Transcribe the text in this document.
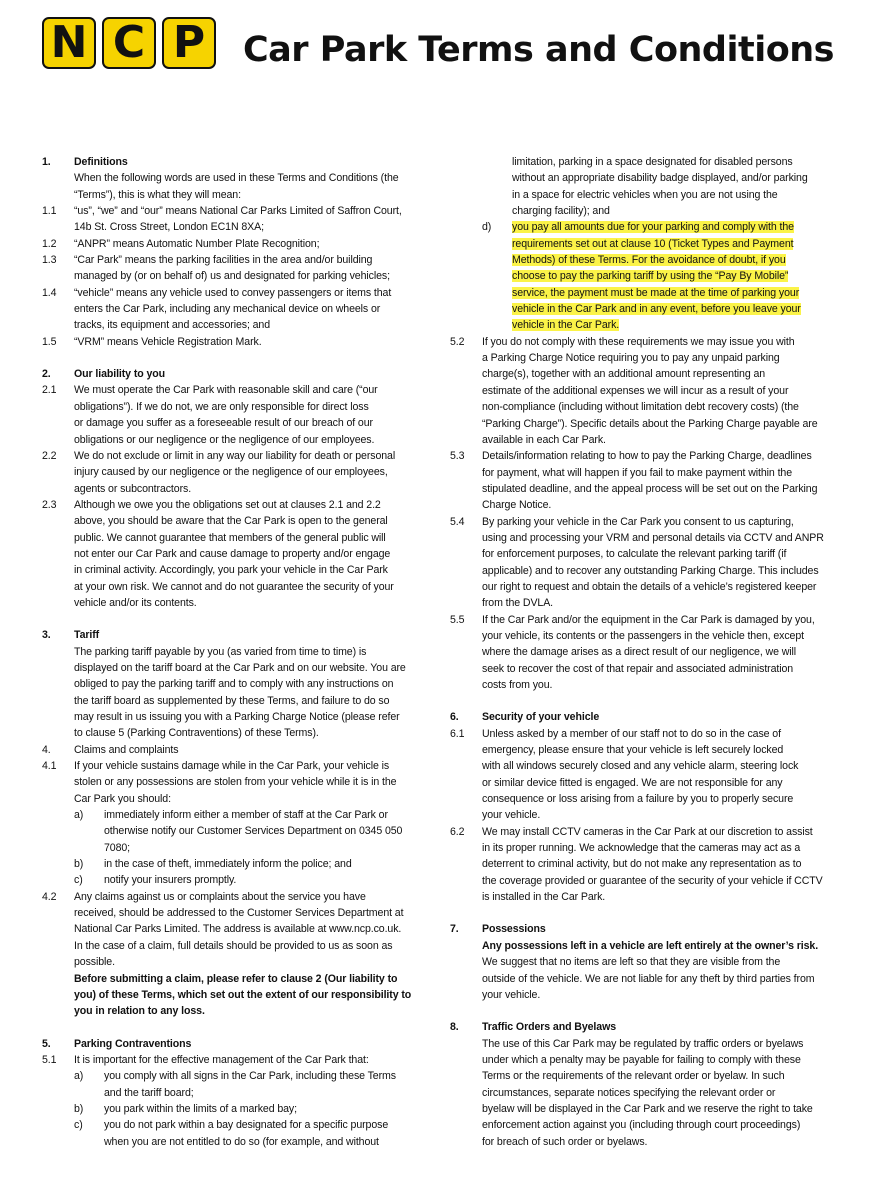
N C P	Car Park Terms and Conditions
1. Definitions
When the following words are used in these Terms and Conditions (the
“Terms”), this is what they will mean:
1.1 “us”, “we” and “our” means National Car Parks Limited of Saffron Court,
14b St. Cross Street, London EC1N 8XA;
1.2 “ANPR” means Automatic Number Plate Recognition;
1.3 “Car Park” means the parking facilities in the area and/or building
managed by (or on behalf of) us and designated for parking vehicles;
1.4 “vehicle” means any vehicle used to convey passengers or items that
enters the Car Park, including any mechanical device on wheels or
tracks, its equipment and accessories; and
1.5 “VRM” means Vehicle Registration Mark.
2. Our liability to you
2.1 We must operate the Car Park with reasonable skill and care (“our
obligations”). If we do not, we are only responsible for direct loss
or damage you suffer as a foreseeable result of our breach of our
obligations or our negligence or the negligence of our employees.
2.2 We do not exclude or limit in any way our liability for death or personal
injury caused by our negligence or the negligence of our employees,
agents or subcontractors.
2.3 Although we owe you the obligations set out at clauses 2.1 and 2.2
above, you should be aware that the Car Park is open to the general
public. We cannot guarantee that members of the general public will
not enter our Car Park and cause damage to property and/or engage
in criminal activity. Accordingly, you park your vehicle in the Car Park
at your own risk. We cannot and do not guarantee the security of your
vehicle and/or its contents.
3. Tariff
The parking tariff payable by you (as varied from time to time) is
displayed on the tariff board at the Car Park and on our website. You are
obliged to pay the parking tariff and to comply with any instructions on
the tariff board as supplemented by these Terms, and failure to do so
may result in us issuing you with a Parking Charge Notice (please refer
to clause 5 (Parking Contraventions) of these Terms).
4. Claims and complaints
4.1 If your vehicle sustains damage while in the Car Park, your vehicle is
stolen or any possessions are stolen from your vehicle while it is in the
Car Park you should:
a) immediately inform either a member of staff at the Car Park or
otherwise notify our Customer Services Department on 0345 050
7080;
b) in the case of theft, immediately inform the police; and
c) notify your insurers promptly.
4.2 Any claims against us or complaints about the service you have
received, should be addressed to the Customer Services Department at
National Car Parks Limited. The address is available at www.ncp.co.uk.
In the case of a claim, full details should be provided to us as soon as
possible.
Before submitting a claim, please refer to clause 2 (Our liability to
you) of these Terms, which set out the extent of our responsibility to
you in relation to any loss.
5. Parking Contraventions
5.1 It is important for the effective management of the Car Park that:
a) you comply with all signs in the Car Park, including these Terms
and the tariff board;
b) you park within the limits of a marked bay;
c) you do not park within a bay designated for a specific purpose
when you are not entitled to do so (for example, and without
limitation, parking in a space designated for disabled persons
without an appropriate disability badge displayed, and/or parking
in a space for electric vehicles when you are not using the
charging facility); and
d) you pay all amounts due for your parking and comply with the
requirements set out at clause 10 (Ticket Types and Payment
Methods) of these Terms. For the avoidance of doubt, if you
choose to pay the parking tariff by using the “Pay By Mobile”
service, the payment must be made at the time of parking your
vehicle in the Car Park and in any event, before you leave your
vehicle in the Car Park.
5.2 If you do not comply with these requirements we may issue you with
a Parking Charge Notice requiring you to pay any unpaid parking
charge(s), together with an additional amount representing an
estimate of the additional expenses we will incur as a result of your
non-compliance (including without limitation debt recovery costs) (the
“Parking Charge”). Specific details about the Parking Charge payable are
available in each Car Park.
5.3 Details/information relating to how to pay the Parking Charge, deadlines
for payment, what will happen if you fail to make payment within the
stipulated deadline, and the appeal process will be set out on the Parking
Charge Notice.
5.4 By parking your vehicle in the Car Park you consent to us capturing,
using and processing your VRM and personal details via CCTV and ANPR
for enforcement purposes, to calculate the relevant parking tariff (if
applicable) and to recover any outstanding Parking Charge. This includes
our right to request and obtain the details of a vehicle’s registered keeper
from the DVLA.
5.5 If the Car Park and/or the equipment in the Car Park is damaged by you,
your vehicle, its contents or the passengers in the vehicle then, except
where the damage arises as a direct result of our negligence, we will
seek to recover the cost of that repair and associated administration
costs from you.
6. Security of your vehicle
6.1 Unless asked by a member of our staff not to do so in the case of
emergency, please ensure that your vehicle is left securely locked
with all windows securely closed and any vehicle alarm, steering lock
or similar device fitted is engaged. We are not responsible for any
consequence or loss arising from a failure by you to properly secure
your vehicle.
6.2 We may install CCTV cameras in the Car Park at our discretion to assist
in its proper running. We acknowledge that the cameras may act as a
deterrent to criminal activity, but do not make any representation as to
the coverage provided or guarantee of the security of your vehicle if CCTV
is installed in the Car Park.
7. Possessions
Any possessions left in a vehicle are left entirely at the owner’s risk.
We suggest that no items are left so that they are visible from the
outside of the vehicle. We are not liable for any theft by third parties from
your vehicle.
8. Traffic Orders and Byelaws
The use of this Car Park may be regulated by traffic orders or byelaws
under which a penalty may be payable for failing to comply with these
Terms or the requirements of the relevant order or byelaw. In such
circumstances, separate notices specifying the relevant order or
byelaw will be displayed in the Car Park and we reserve the right to take
enforcement action against you (including through court proceedings)
for breach of such order or byelaws.
